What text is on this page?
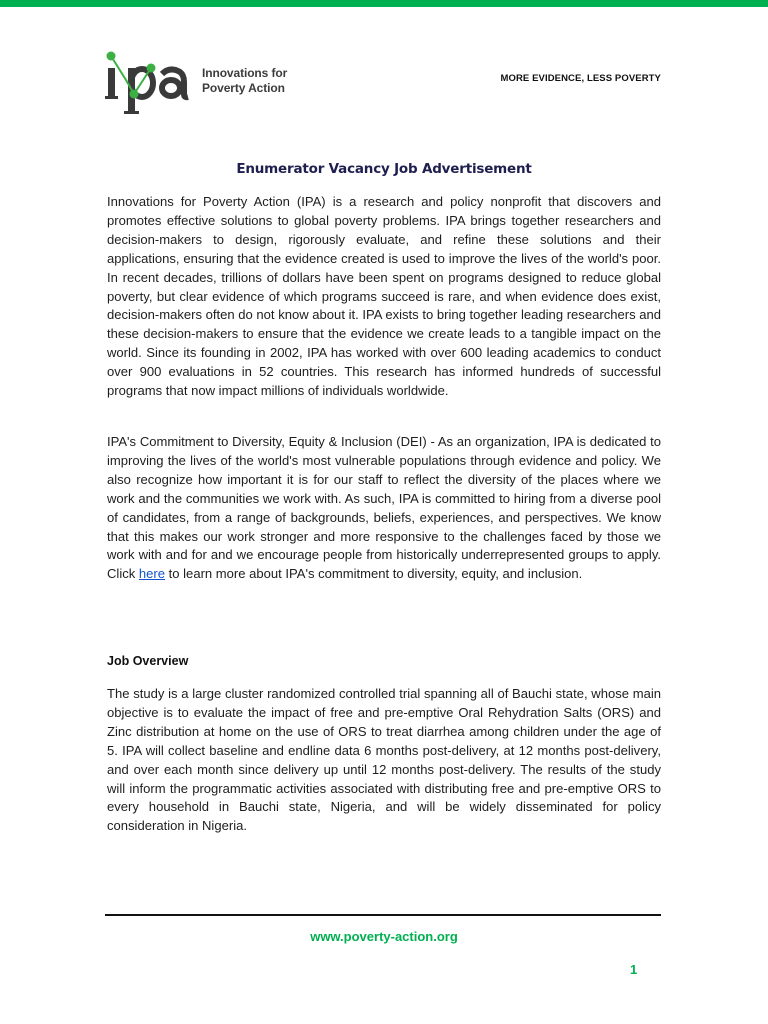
Innovations for
Poverty Action
MORE EVIDENCE, LESS POVERTY
Enumerator Vacancy Job Advertisement

Innovations for Poverty Action (IPA) is a research and policy nonprofit that discovers and promotes effective solutions to global poverty problems. IPA brings together researchers and decision-makers to design, rigorously evaluate, and refine these solutions and their applications, ensuring that the evidence created is used to improve the lives of the world's poor. In recent decades, trillions of dollars have been spent on programs designed to reduce global poverty, but clear evidence of which programs succeed is rare, and when evidence does exist, decision-makers often do not know about it. IPA exists to bring together leading researchers and these decision-makers to ensure that the evidence we create leads to a tangible impact on the world. Since its founding in 2002, IPA has worked with over 600 leading academics to conduct over 900 evaluations in 52 countries. This research has informed hundreds of successful programs that now impact millions of individuals worldwide.

IPA's Commitment to Diversity, Equity & Inclusion (DEI) - As an organization, IPA is dedicated to improving the lives of the world's most vulnerable populations through evidence and policy. We also recognize how important it is for our staff to reflect the diversity of the places where we work and the communities we work with. As such, IPA is committed to hiring from a diverse pool of candidates, from a range of backgrounds, beliefs, experiences, and perspectives. We know that this makes our work stronger and more responsive to the challenges faced by those we work with and for and we encourage people from historically underrepresented groups to apply. Click here to learn more about IPA's commitment to diversity, equity, and inclusion.

Job Overview

The study is a large cluster randomized controlled trial spanning all of Bauchi state, whose main objective is to evaluate the impact of free and pre-emptive Oral Rehydration Salts (ORS) and Zinc distribution at home on the use of ORS to treat diarrhea among children under the age of 5. IPA will collect baseline and endline data 6 months post-delivery, at 12 months post-delivery, and over each month since delivery up until 12 months post-delivery. The results of the study will inform the programmatic activities associated with distributing free and pre-emptive ORS to every household in Bauchi state, Nigeria, and will be widely disseminated for policy consideration in Nigeria.

www.poverty-action.org
1
